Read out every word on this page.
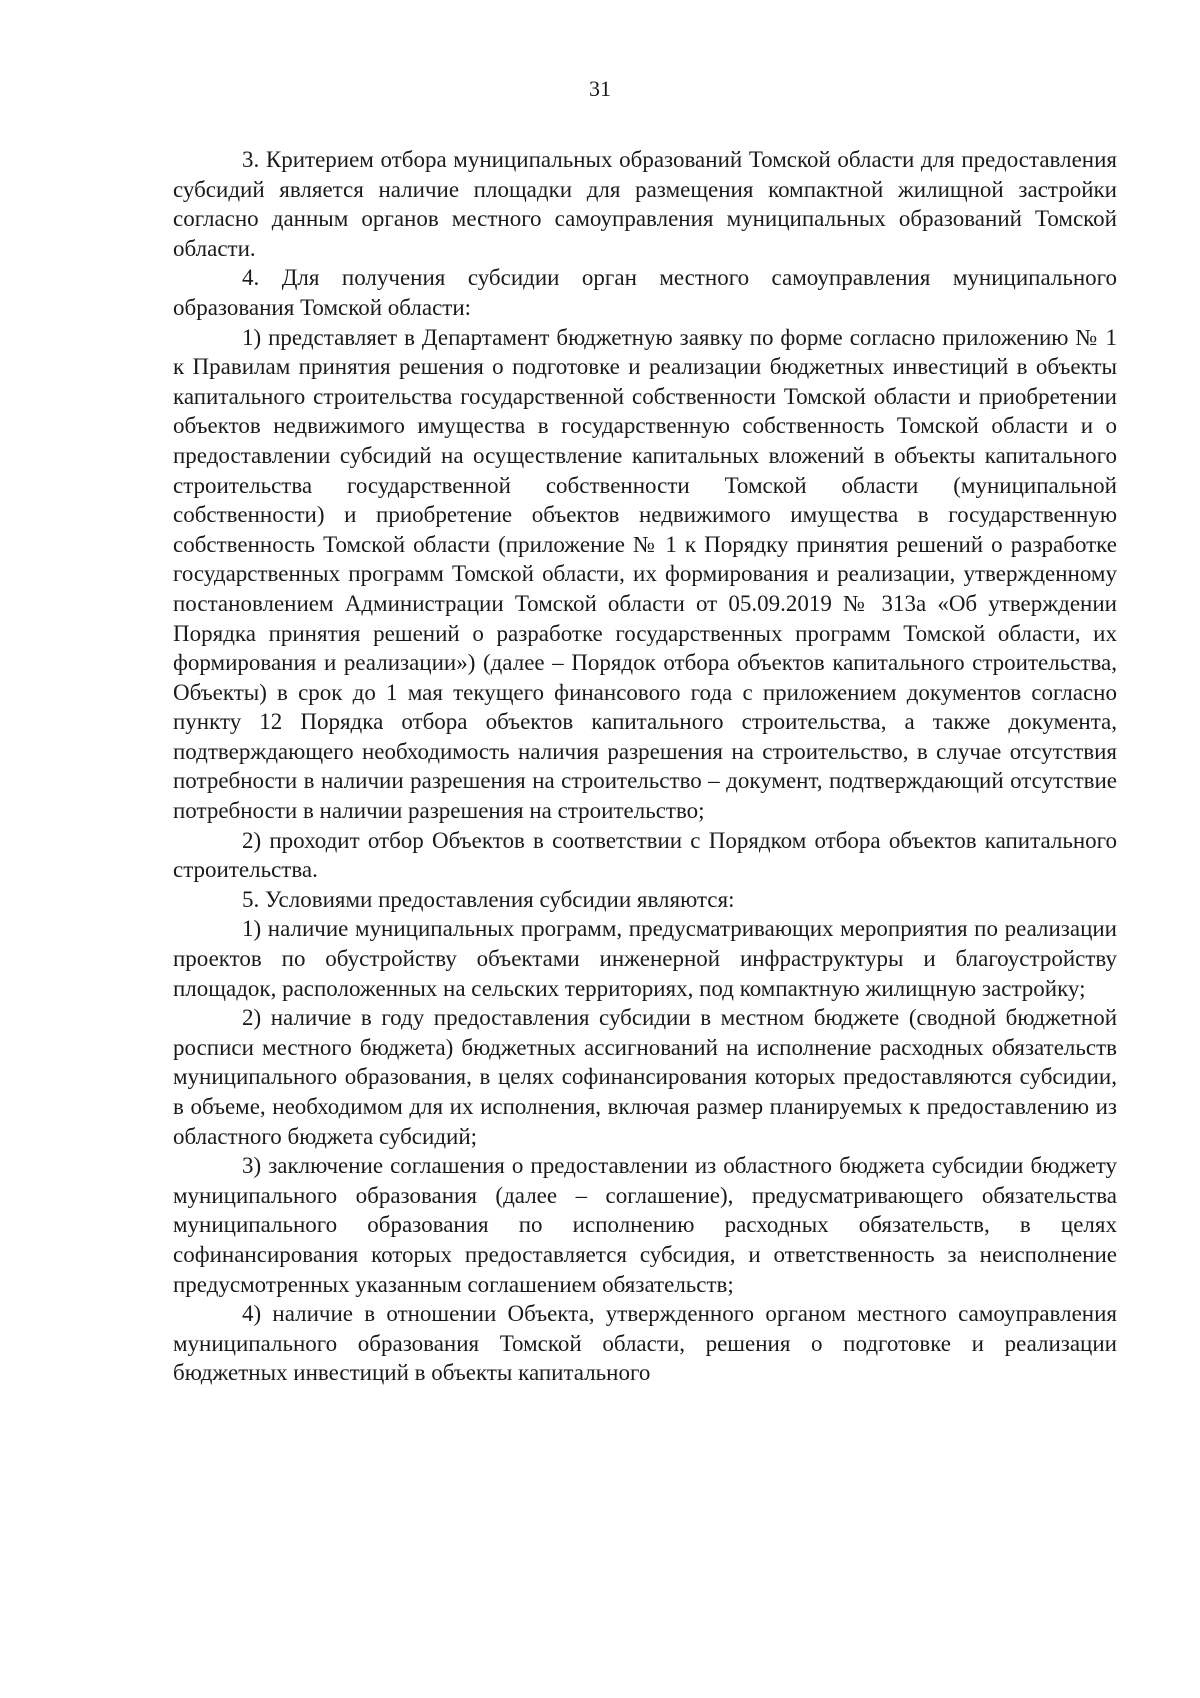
31

3. Критерием отбора муниципальных образований Томской области для предоставления субсидий является наличие площадки для размещения компактной жилищной застройки согласно данным органов местного самоуправления муниципальных образований Томской области.

4. Для получения субсидии орган местного самоуправления муниципального образования Томской области:

1) представляет в Департамент бюджетную заявку по форме согласно приложению № 1 к Правилам принятия решения о подготовке и реализации бюджетных инвестиций в объекты капитального строительства государственной собственности Томской области и приобретении объектов недвижимого имущества в государственную собственность Томской области и о предоставлении субсидий на осуществление капитальных вложений в объекты капитального строительства государственной собственности Томской области (муниципальной собственности) и приобретение объектов недвижимого имущества в государственную собственность Томской области (приложение № 1 к Порядку принятия решений о разработке государственных программ Томской области, их формирования и реализации, утвержденному постановлением Администрации Томской области от 05.09.2019 № 313а «Об утверждении Порядка принятия решений о разработке государственных программ Томской области, их формирования и реализации») (далее – Порядок отбора объектов капитального строительства, Объекты) в срок до 1 мая текущего финансового года с приложением документов согласно пункту 12 Порядка отбора объектов капитального строительства, а также документа, подтверждающего необходимость наличия разрешения на строительство, в случае отсутствия потребности в наличии разрешения на строительство – документ, подтверждающий отсутствие потребности в наличии разрешения на строительство;

2) проходит отбор Объектов в соответствии с Порядком отбора объектов капитального строительства.

5. Условиями предоставления субсидии являются:

1) наличие муниципальных программ, предусматривающих мероприятия по реализации проектов по обустройству объектами инженерной инфраструктуры и благоустройству площадок, расположенных на сельских территориях, под компактную жилищную застройку;

2) наличие в году предоставления субсидии в местном бюджете (сводной бюджетной росписи местного бюджета) бюджетных ассигнований на исполнение расходных обязательств муниципального образования, в целях софинансирования которых предоставляются субсидии, в объеме, необходимом для их исполнения, включая размер планируемых к предоставлению из областного бюджета субсидий;

3) заключение соглашения о предоставлении из областного бюджета субсидии бюджету муниципального образования (далее – соглашение), предусматривающего обязательства муниципального образования по исполнению расходных обязательств, в целях софинансирования которых предоставляется субсидия, и ответственность за неисполнение предусмотренных указанным соглашением обязательств;

4) наличие в отношении Объекта, утвержденного органом местного самоуправления муниципального образования Томской области, решения о подготовке и реализации бюджетных инвестиций в объекты капитального
